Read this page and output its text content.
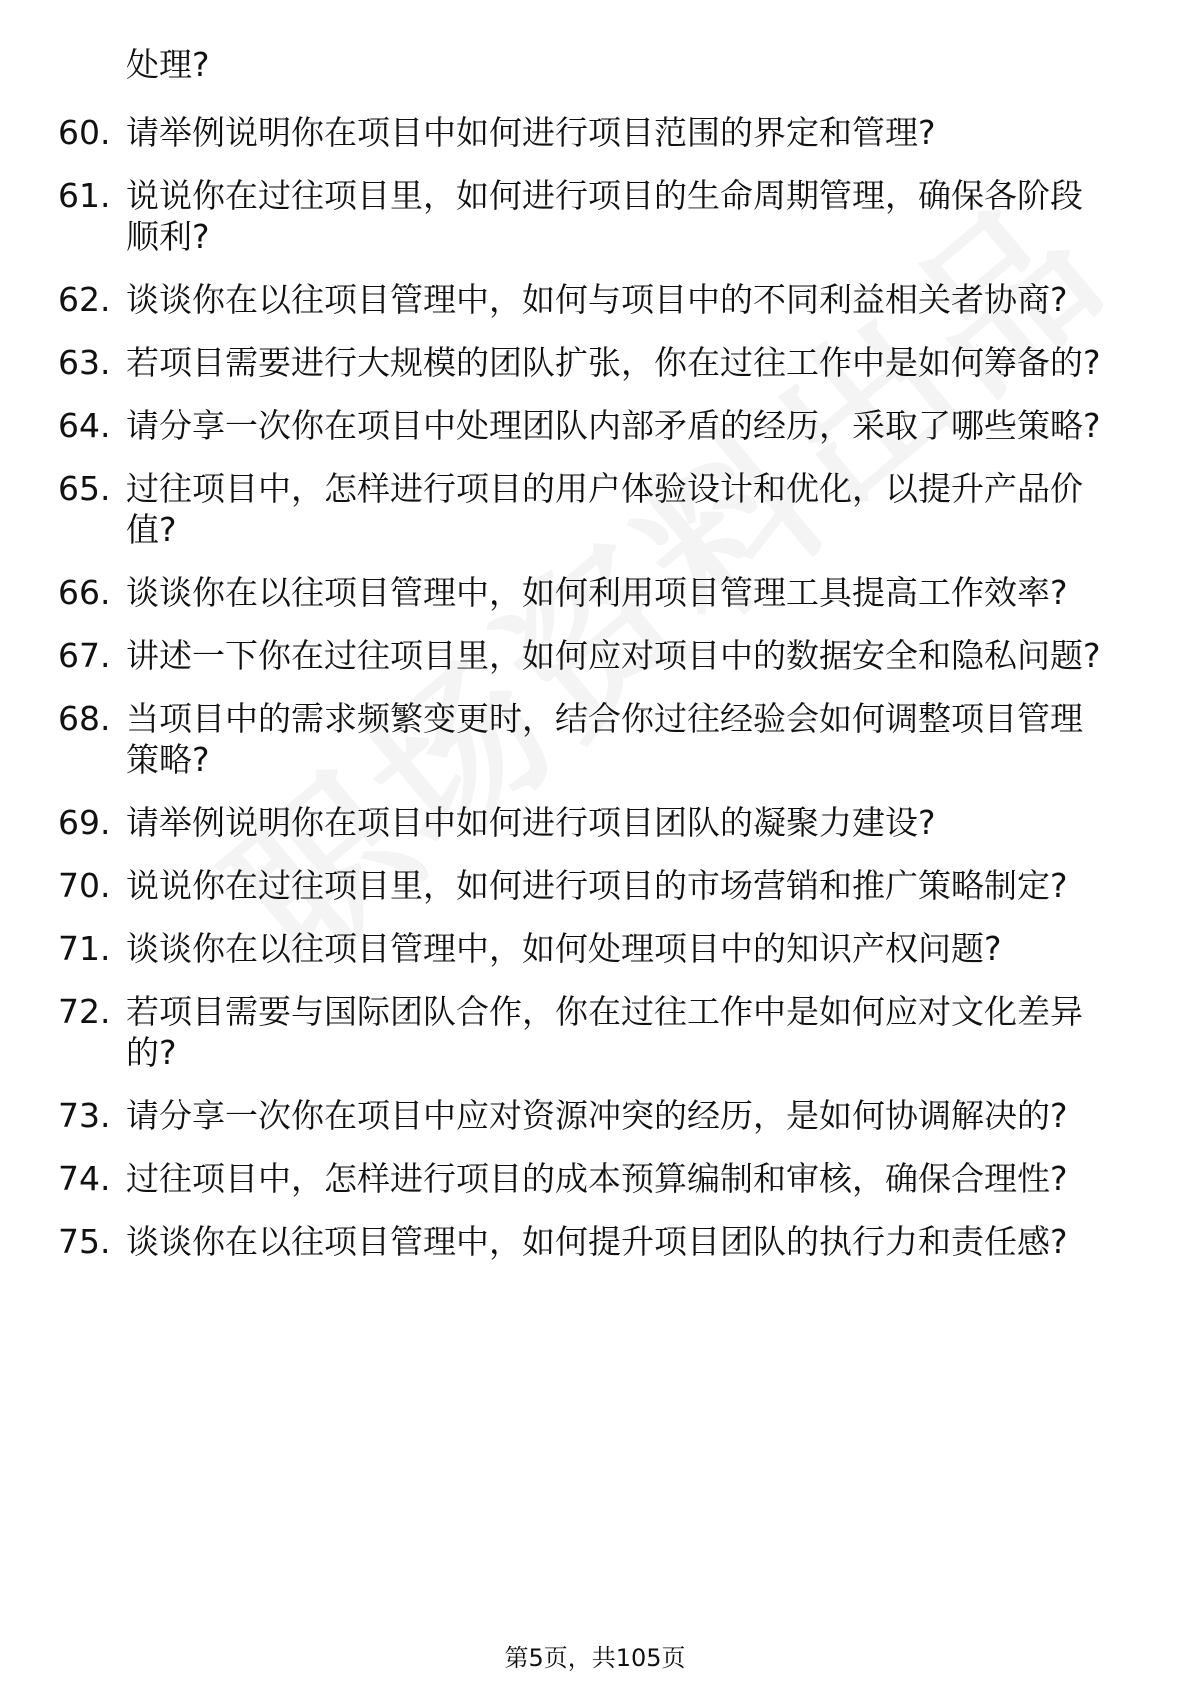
处理?
60. 请举例说明你在项目中如何进行项目范围的界定和管理?
61. 说说你在过往项目里，如何进行项目的生命周期管理，确保各阶段顺利?
62. 谈谈你在以往项目管理中，如何与项目中的不同利益相关者协商?
63. 若项目需要进行大规模的团队扩张，你在过往工作中是如何筹备的?
64. 请分享一次你在项目中处理团队内部矛盾的经历，采取了哪些策略?
65. 过往项目中，怎样进行项目的用户体验设计和优化，以提升产品价值?
66. 谈谈你在以往项目管理中，如何利用项目管理工具提高工作效率?
67. 讲述一下你在过往项目里，如何应对项目中的数据安全和隐私问题?
68. 当项目中的需求频繁变更时，结合你过往经验会如何调整项目管理策略?
69. 请举例说明你在项目中如何进行项目团队的凝聚力建设?
70. 说说你在过往项目里，如何进行项目的市场营销和推广策略制定?
71. 谈谈你在以往项目管理中，如何处理项目中的知识产权问题?
72. 若项目需要与国际团队合作，你在过往工作中是如何应对文化差异的?
73. 请分享一次你在项目中应对资源冲突的经历，是如何协调解决的?
74. 过往项目中，怎样进行项目的成本预算编制和审核，确保合理性?
75. 谈谈你在以往项目管理中，如何提升项目团队的执行力和责任感?
第5页，共105页
